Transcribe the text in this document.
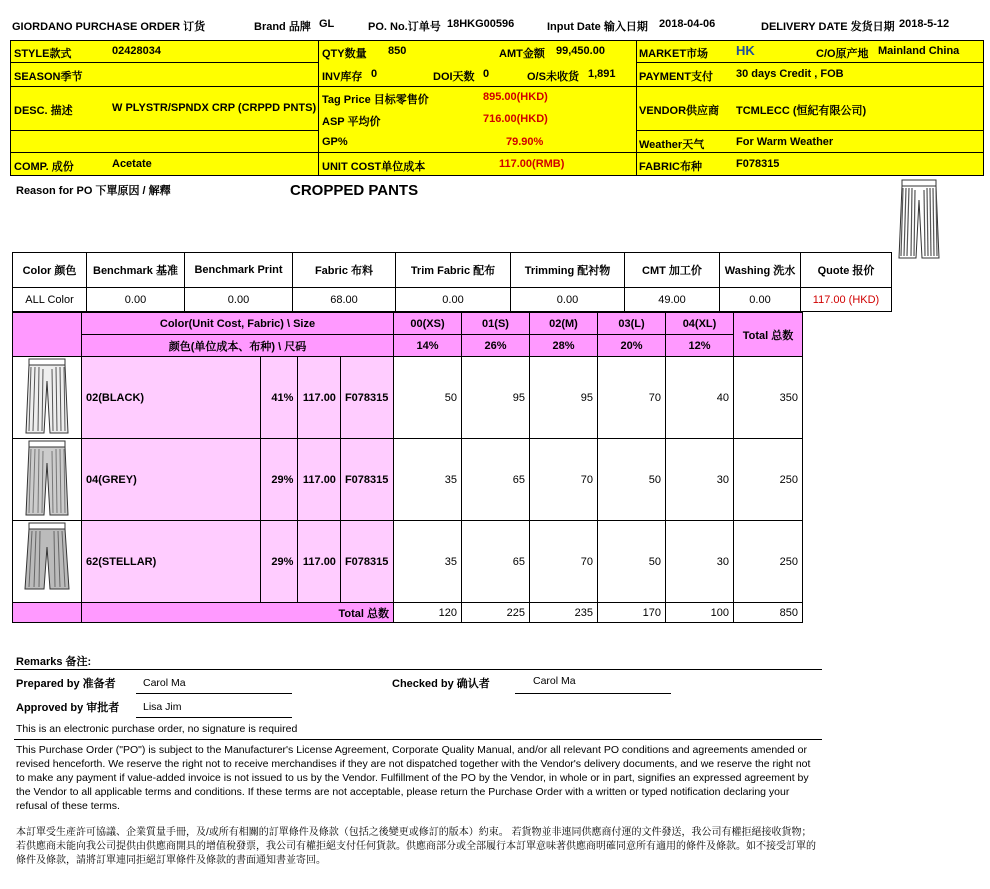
GIORDANO PURCHASE ORDER 订货	Brand 品牌 GL	PO. No.订单号 18HKG00596	Input Date 输入日期 2018-04-06	DELIVERY DATE 发货日期 2018-5-12
STYLE款式	02428034
SEASON季节
DESC. 描述	W PLYSTR/SPNDX CRP (CRPPD PNTS)
COMP. 成份	Acetate
QTY数量 850	AMT金额 99,450.00
INV库存 0	DOI天数 0	O/S未收货 1,891
Tag Price 目标零售价	895.00(HKD)
ASP 平均价	716.00(HKD)
GP%	79.90%
UNIT COST单位成本	117.00(RMB)
MARKET市场 HK	C/O原产地 Mainland China
PAYMENT支付 30 days Credit , FOB
VENDOR供应商 TCMLECC (恒紀有限公司)
Weather天气	For Warm Weather
FABRIC布种	F078315
Reason for PO 下單原因 / 解釋	CROPPED PANTS
Color 颜色	Benchmark 基准	Benchmark Print	Fabric 布料	Trim Fabric 配布	Trimming 配衬物	CMT 加工价	Washing 洗水	Quote 报价
ALL Color	0.00	0.00	68.00	0.00	0.00	49.00	0.00	117.00 (HKD)
	Color(Unit Cost, Fabric) \ Size				00(XS)	01(S)	02(M)	03(L)	04(XL)	Total 总数
	颜色(单位成本、布种) \ 尺码				14%	26%	28%	20%	12%	
	02(BLACK)	41%	117.00	F078315	50	95	95	70	40	350
	04(GREY)	29%	117.00	F078315	35	65	70	50	30	250
	62(STELLAR)	29%	117.00	F078315	35	65	70	50	30	250
	Total 总数				120	225	235	170	100	850
Remarks 备注:
Prepared by 准备者	Carol Ma	Checked by 确认者	Carol Ma
Approved by 审批者 Lisa Jim
This is an electronic purchase order, no signature is required
This Purchase Order ("PO") is subject to the Manufacturer's License Agreement, Corporate Quality Manual, and/or all relevant PO conditions and agreements amended or revised henceforth. We reserve the right not to receive merchandises if they are not dispatched together with the Vendor's delivery documents, and we reserve the right not to make any payment if value-added invoice is not issued to us by the Vendor. Fulfillment of the PO by the Vendor, in whole or in part, signifies an expressed agreement by the Vendor to all applicable terms and conditions. If these terms are not acceptable, please return the Purchase Order with a written or typed notification declaring your refusal of these terms.
本訂單受生產許可協議、企業質量手冊，及/或所有相關的訂單條件及條款（包括之後變更或修訂的版本）約束。 若貨物並非連同供應商付運的文件發送，我公司有權拒絕接收貨物；若供應商未能向我公司提供由供應商開具的增值稅發票，我公司有權拒絕支付任何貨款。供應商部分或全部履行本訂單意味著供應商明確同意所有適用的條件及條款。如不接受訂單的條件及條款，請將訂單連同拒絕訂單條件及條款的書面通知書並寄回。
